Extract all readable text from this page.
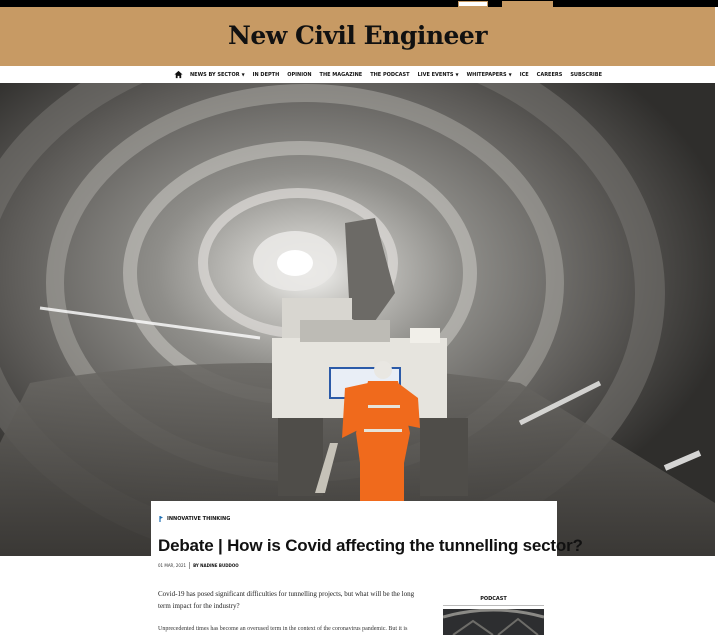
New Civil Engineer
NEWS BY SECTOR ▼ IN DEPTH OPINION THE MAGAZINE THE PODCAST LIVE EVENTS ▼ WHITEPAPERS ▼ ICE CAREERS SUBSCRIBE
INNOVATIVE THINKING
Debate | How is Covid affecting the tunnelling sector?
01 MAR, 2021 BY NADINE BUDDOO

Covid-19 has posed significant difficulties for tunnelling projects, but what will be the long term impact for the industry?

Unprecedented times has become an overused term in the context of the coronavirus pandemic. But it is

PODCAST
